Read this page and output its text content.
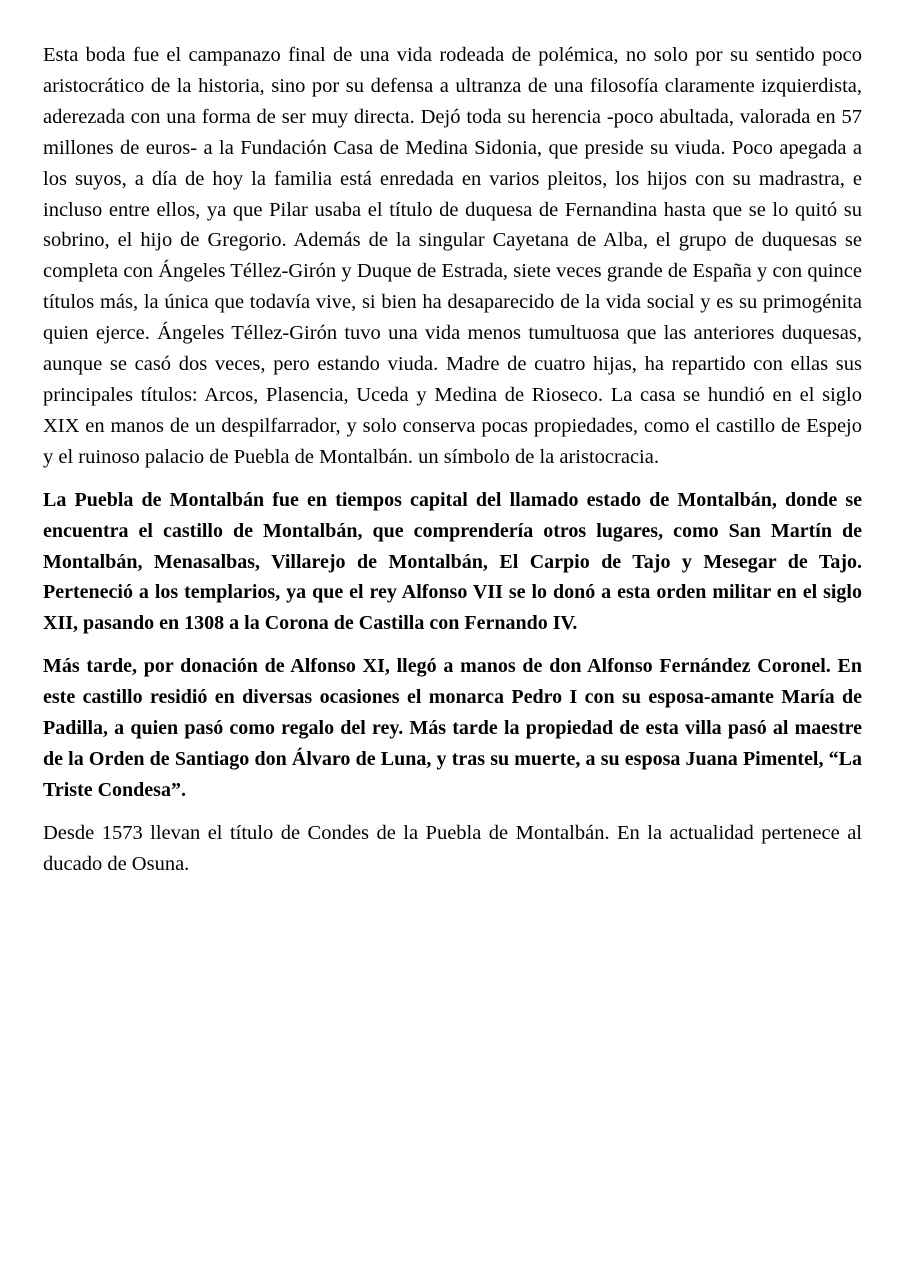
Esta boda fue el campanazo final de una vida rodeada de polémica, no solo por su sentido poco aristocrático de la historia, sino por su defensa a ultranza de una filosofía claramente izquierdista, aderezada con una forma de ser muy directa. Dejó toda su herencia -poco abultada, valorada en 57 millones de euros- a la Fundación Casa de Medina Sidonia, que preside su viuda. Poco apegada a los suyos, a día de hoy la familia está enredada en varios pleitos, los hijos con su madrastra, e incluso entre ellos, ya que Pilar usaba el título de duquesa de Fernandina hasta que se lo quitó su sobrino, el hijo de Gregorio. Además de la singular Cayetana de Alba, el grupo de duquesas se completa con Ángeles Téllez-Girón y Duque de Estrada, siete veces grande de España y con quince títulos más, la única que todavía vive, si bien ha desaparecido de la vida social y es su primogénita quien ejerce. Ángeles Téllez-Girón tuvo una vida menos tumultuosa que las anteriores duquesas, aunque se casó dos veces, pero estando viuda. Madre de cuatro hijas, ha repartido con ellas sus principales títulos: Arcos, Plasencia, Uceda y Medina de Rioseco. La casa se hundió en el siglo XIX en manos de un despilfarrador, y solo conserva pocas propiedades, como el castillo de Espejo y el ruinoso palacio de Puebla de Montalbán. un símbolo de la aristocracia.

La Puebla de Montalbán fue en tiempos capital del llamado estado de Montalbán, donde se encuentra el castillo de Montalbán, que comprendería otros lugares, como San Martín de Montalbán, Menasalbas, Villarejo de Montalbán, El Carpio de Tajo y Mesegar de Tajo. Perteneció a los templarios, ya que el rey Alfonso VII se lo donó a esta orden militar en el siglo XII, pasando en 1308 a la Corona de Castilla con Fernando IV.

Más tarde, por donación de Alfonso XI, llegó a manos de don Alfonso Fernández Coronel. En este castillo residió en diversas ocasiones el monarca Pedro I con su esposa-amante María de Padilla, a quien pasó como regalo del rey. Más tarde la propiedad de esta villa pasó al maestre de la Orden de Santiago don Álvaro de Luna, y tras su muerte, a su esposa Juana Pimentel, “La Triste Condesa”.

Desde 1573 llevan el título de Condes de la Puebla de Montalbán. En la actualidad pertenece al ducado de Osuna.
